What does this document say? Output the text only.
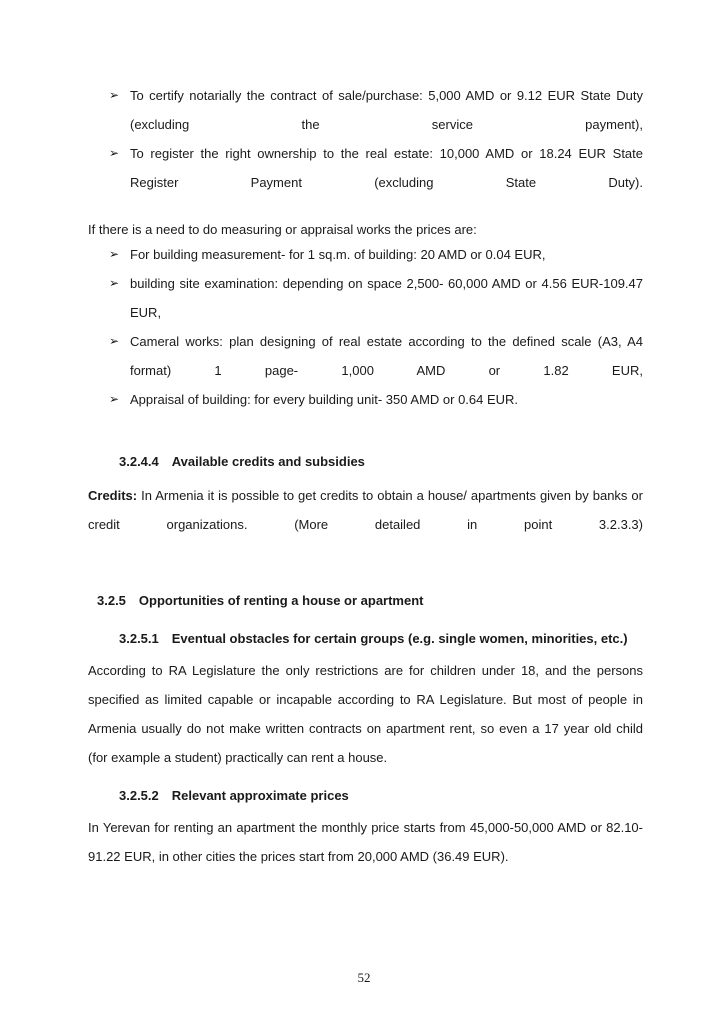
➢ To certify notarially the contract of sale/purchase: 5,000 AMD or 9.12 EUR State Duty (excluding the service payment),
➢ To register the right ownership to the real estate: 10,000 AMD or 18.24 EUR State Register Payment (excluding State Duty).

If there is a need to do measuring or appraisal works the prices are:

➢ For building measurement- for 1 sq.m. of building: 20 AMD or 0.04 EUR,
➢ building site examination: depending on space 2,500- 60,000 AMD or 4.56 EUR-109.47 EUR,
➢ Cameral works: plan designing of real estate according to the defined scale (A3, A4 format) 1 page- 1,000 AMD or 1.82 EUR,
➢ Appraisal of building: for every building unit- 350 AMD or 0.64 EUR.
3.2.4.4 Available credits and subsidies

Credits: In Armenia it is possible to get credits to obtain a house/ apartments given by banks or credit organizations. (More detailed in point 3.2.3.3)

3.2.5 Opportunities of renting a house or apartment
3.2.5.1 Eventual obstacles for certain groups (e.g. single women, minorities, etc.)

According to RA Legislature the only restrictions are for children under 18, and the persons specified as limited capable or incapable according to RA Legislature. But most of people in Armenia usually do not make written contracts on apartment rent, so even a 17 year old child (for example a student) practically can rent a house.

3.2.5.2 Relevant approximate prices

In Yerevan for renting an apartment the monthly price starts from 45,000-50,000 AMD or 82.10- 91.22 EUR, in other cities the prices start from 20,000 AMD (36.49 EUR).

52
